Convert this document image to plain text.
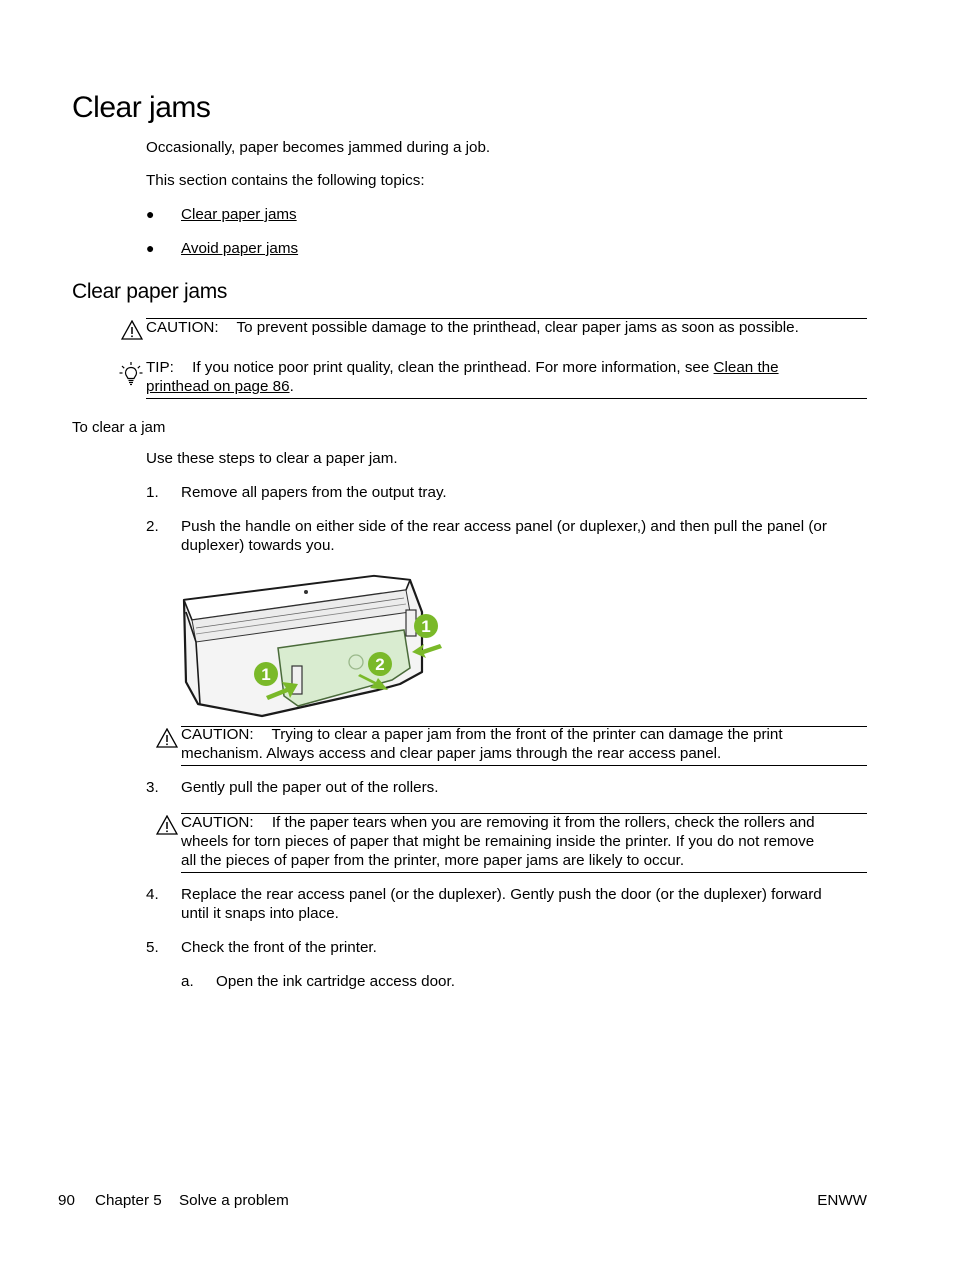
Clear jams
Occasionally, paper becomes jammed during a job.
This section contains the following topics:
● Clear paper jams
● Avoid paper jams
Clear paper jams
CAUTION: To prevent possible damage to the printhead, clear paper jams as soon as possible.
TIP: If you notice poor print quality, clean the printhead. For more information, see Clean the
printhead on page 86.
To clear a jam
Use these steps to clear a paper jam.
1. Remove all papers from the output tray.
2. Push the handle on either side of the rear access panel (or duplexer,) and then pull the panel (or
duplexer) towards you.
1
2
1
CAUTION: Trying to clear a paper jam from the front of the printer can damage the print
mechanism. Always access and clear paper jams through the rear access panel.
3. Gently pull the paper out of the rollers.
CAUTION: If the paper tears when you are removing it from the rollers, check the rollers and
wheels for torn pieces of paper that might be remaining inside the printer. If you do not remove
all the pieces of paper from the printer, more paper jams are likely to occur.
4. Replace the rear access panel (or the duplexer). Gently push the door (or the duplexer) forward
until it snaps into place.
5. Check the front of the printer.
a. Open the ink cartridge access door.
90 Chapter 5 Solve a problem	ENWW
